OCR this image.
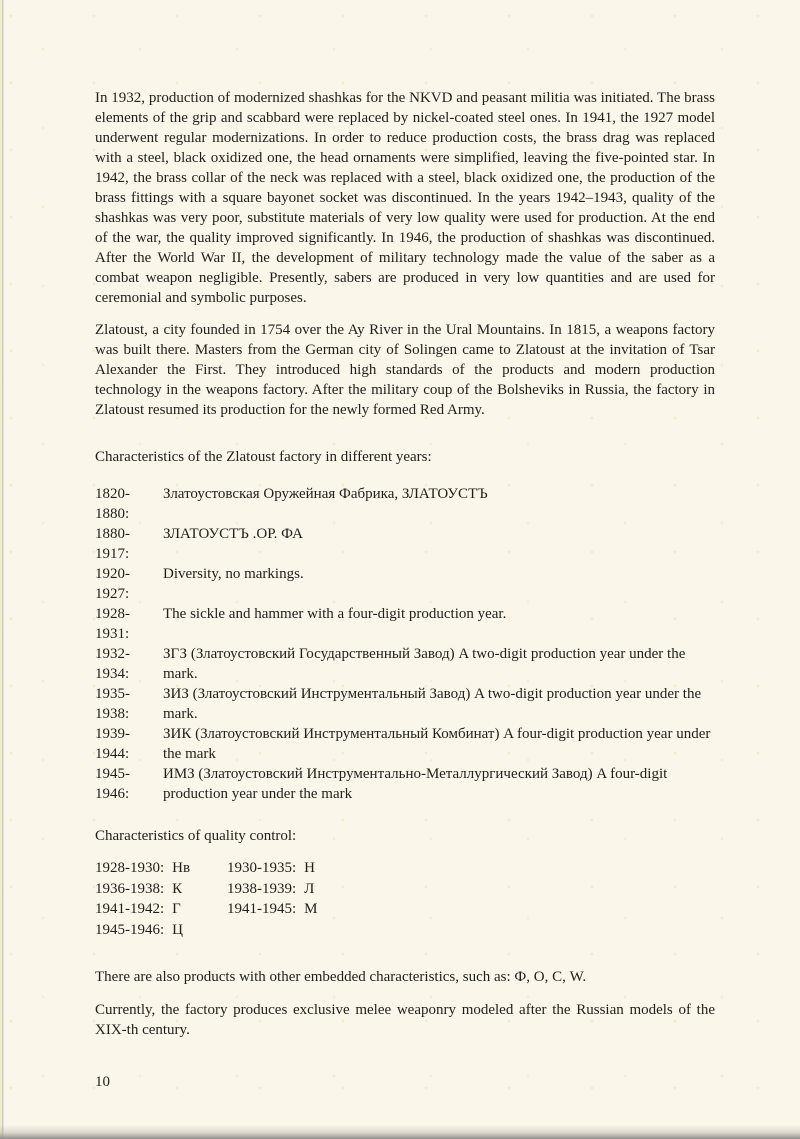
In 1932, production of modernized shashkas for the NKVD and peasant militia was initiated. The brass elements of the grip and scabbard were replaced by nickel-coated steel ones. In 1941, the 1927 model underwent regular modernizations. In order to reduce production costs, the brass drag was replaced with a steel, black oxidized one, the head ornaments were simplified, leaving the five-pointed star. In 1942, the brass collar of the neck was replaced with a steel, black oxidized one, the production of the brass fittings with a square bayonet socket was discontinued. In the years 1942–1943, quality of the shashkas was very poor, substitute materials of very low quality were used for production. At the end of the war, the quality improved significantly. In 1946, the production of shashkas was discontinued. After the World War II, the development of military technology made the value of the saber as a combat weapon negligible. Presently, sabers are produced in very low quantities and are used for ceremonial and symbolic purposes.

Zlatoust, a city founded in 1754 over the Ay River in the Ural Mountains. In 1815, a weapons factory was built there. Masters from the German city of Solingen came to Zlatoust at the invitation of Tsar Alexander the First. They introduced high standards of the products and modern production technology in the weapons factory. After the military coup of the Bolsheviks in Russia, the factory in Zlatoust resumed its production for the newly formed Red Army.

Characteristics of the Zlatoust factory in different years:

1820-1880:
Златоустовская Оружейная Фабрика, ЗЛАТОУСТЪ
1880-1917:
ЗЛАТОУСТЪ .ОР. ФА
1920-1927:
Diversity, no markings.
1928-1931:
The sickle and hammer with a four-digit production year.
1932-1934:
ЗГЗ (Златоустовский Государственный Завод) A two-digit production year under the mark.
1935-1938:
ЗИЗ (Златоустовский Инструментальный Завод) A two-digit production year under the mark.
1939-1944:
ЗИК (Златоустовский Инструментальный Комбинат) A four-digit production year under the mark
1945-1946:
ИМЗ (Златоустовский Инструментально-Металлургический Завод) A four-digit production year under the mark

Characteristics of quality control:

1928-1930: Нв	1930-1935: Н
1936-1938: К	1938-1939: Л
1941-1942: Г	1941-1945: М
1945-1946: Ц

There are also products with other embedded characteristics, such as: Ф, О, С, W.

Currently, the factory produces exclusive melee weaponry modeled after the Russian models of the XIX-th century.

10
